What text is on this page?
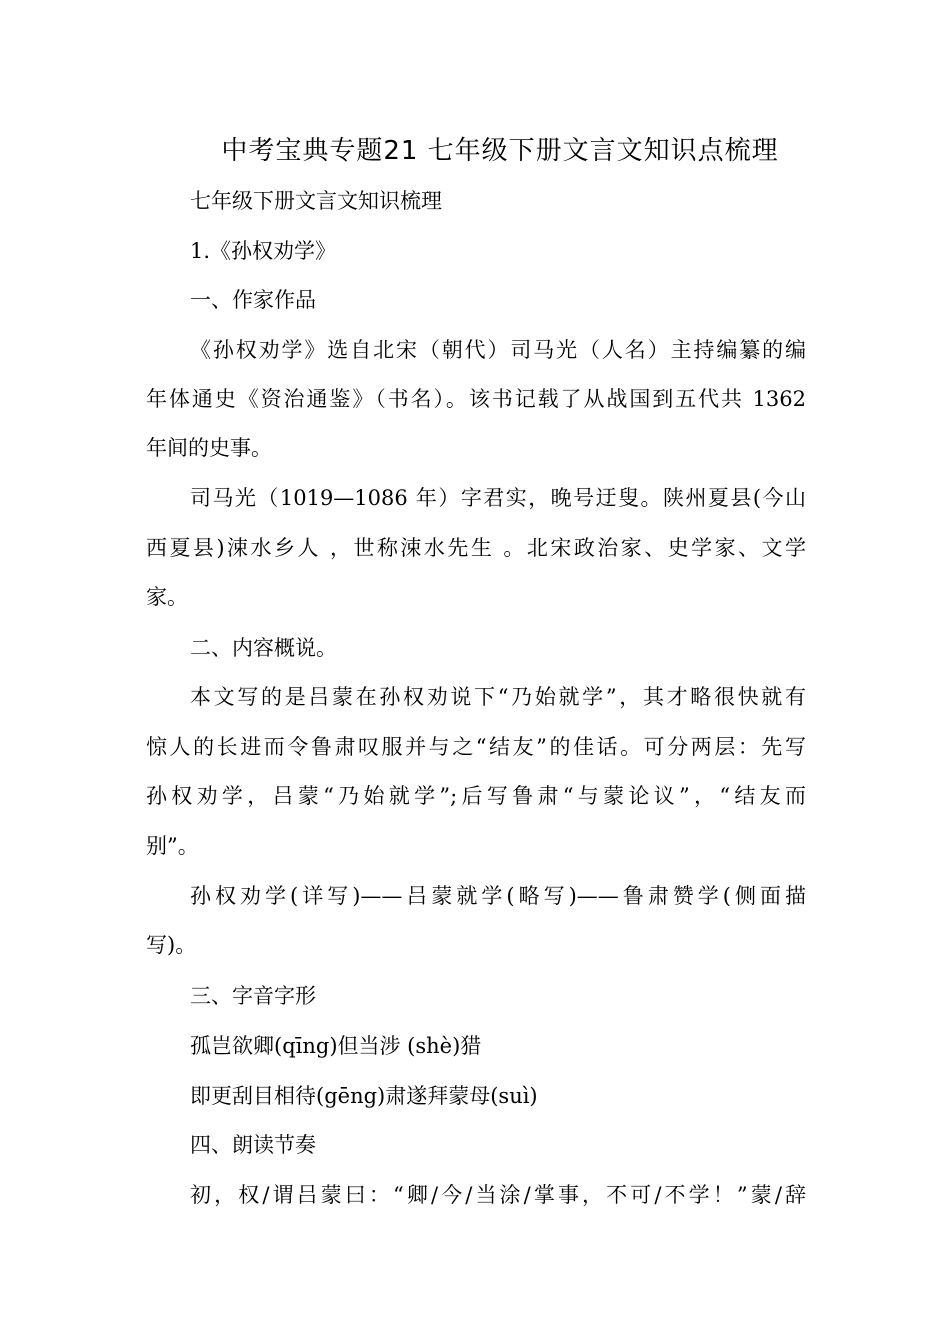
中考宝典专题21 七年级下册文言文知识点梳理
七年级下册文言文知识梳理
1.《孙权劝学》
一、作家作品
《孙权劝学》选自北宋（朝代）司马光（人名）主持编纂的编
年体通史《资治通鉴》（书名）。该书记载了从战国到五代共 1362
年间的史事。
司马光（1019—1086 年）字君实，晚号迂叟。陕州夏县(今山
西夏县)涑水乡人 ，世称涑水先生 。北宋政治家、史学家、文学
家。
二、内容概说。
本文写的是吕蒙在孙权劝说下“乃始就学”，其才略很快就有
惊人的长进而令鲁肃叹服并与之“结友”的佳话。可分两层：先写
孙权劝学，吕蒙“乃始就学”;后写鲁肃“与蒙论议”，“结友而
别”。
孙权劝学(详写)——吕蒙就学(略写)——鲁肃赞学(侧面描
写)。
三、字音字形
孤岂欲卿(qīng)但当涉 (shè)猎
即更刮目相待(gēng)肃遂拜蒙母(suì)
四、朗读节奏
初，权/谓吕蒙曰：“卿/今/当涂/掌事，不可/不学！”蒙/辞
